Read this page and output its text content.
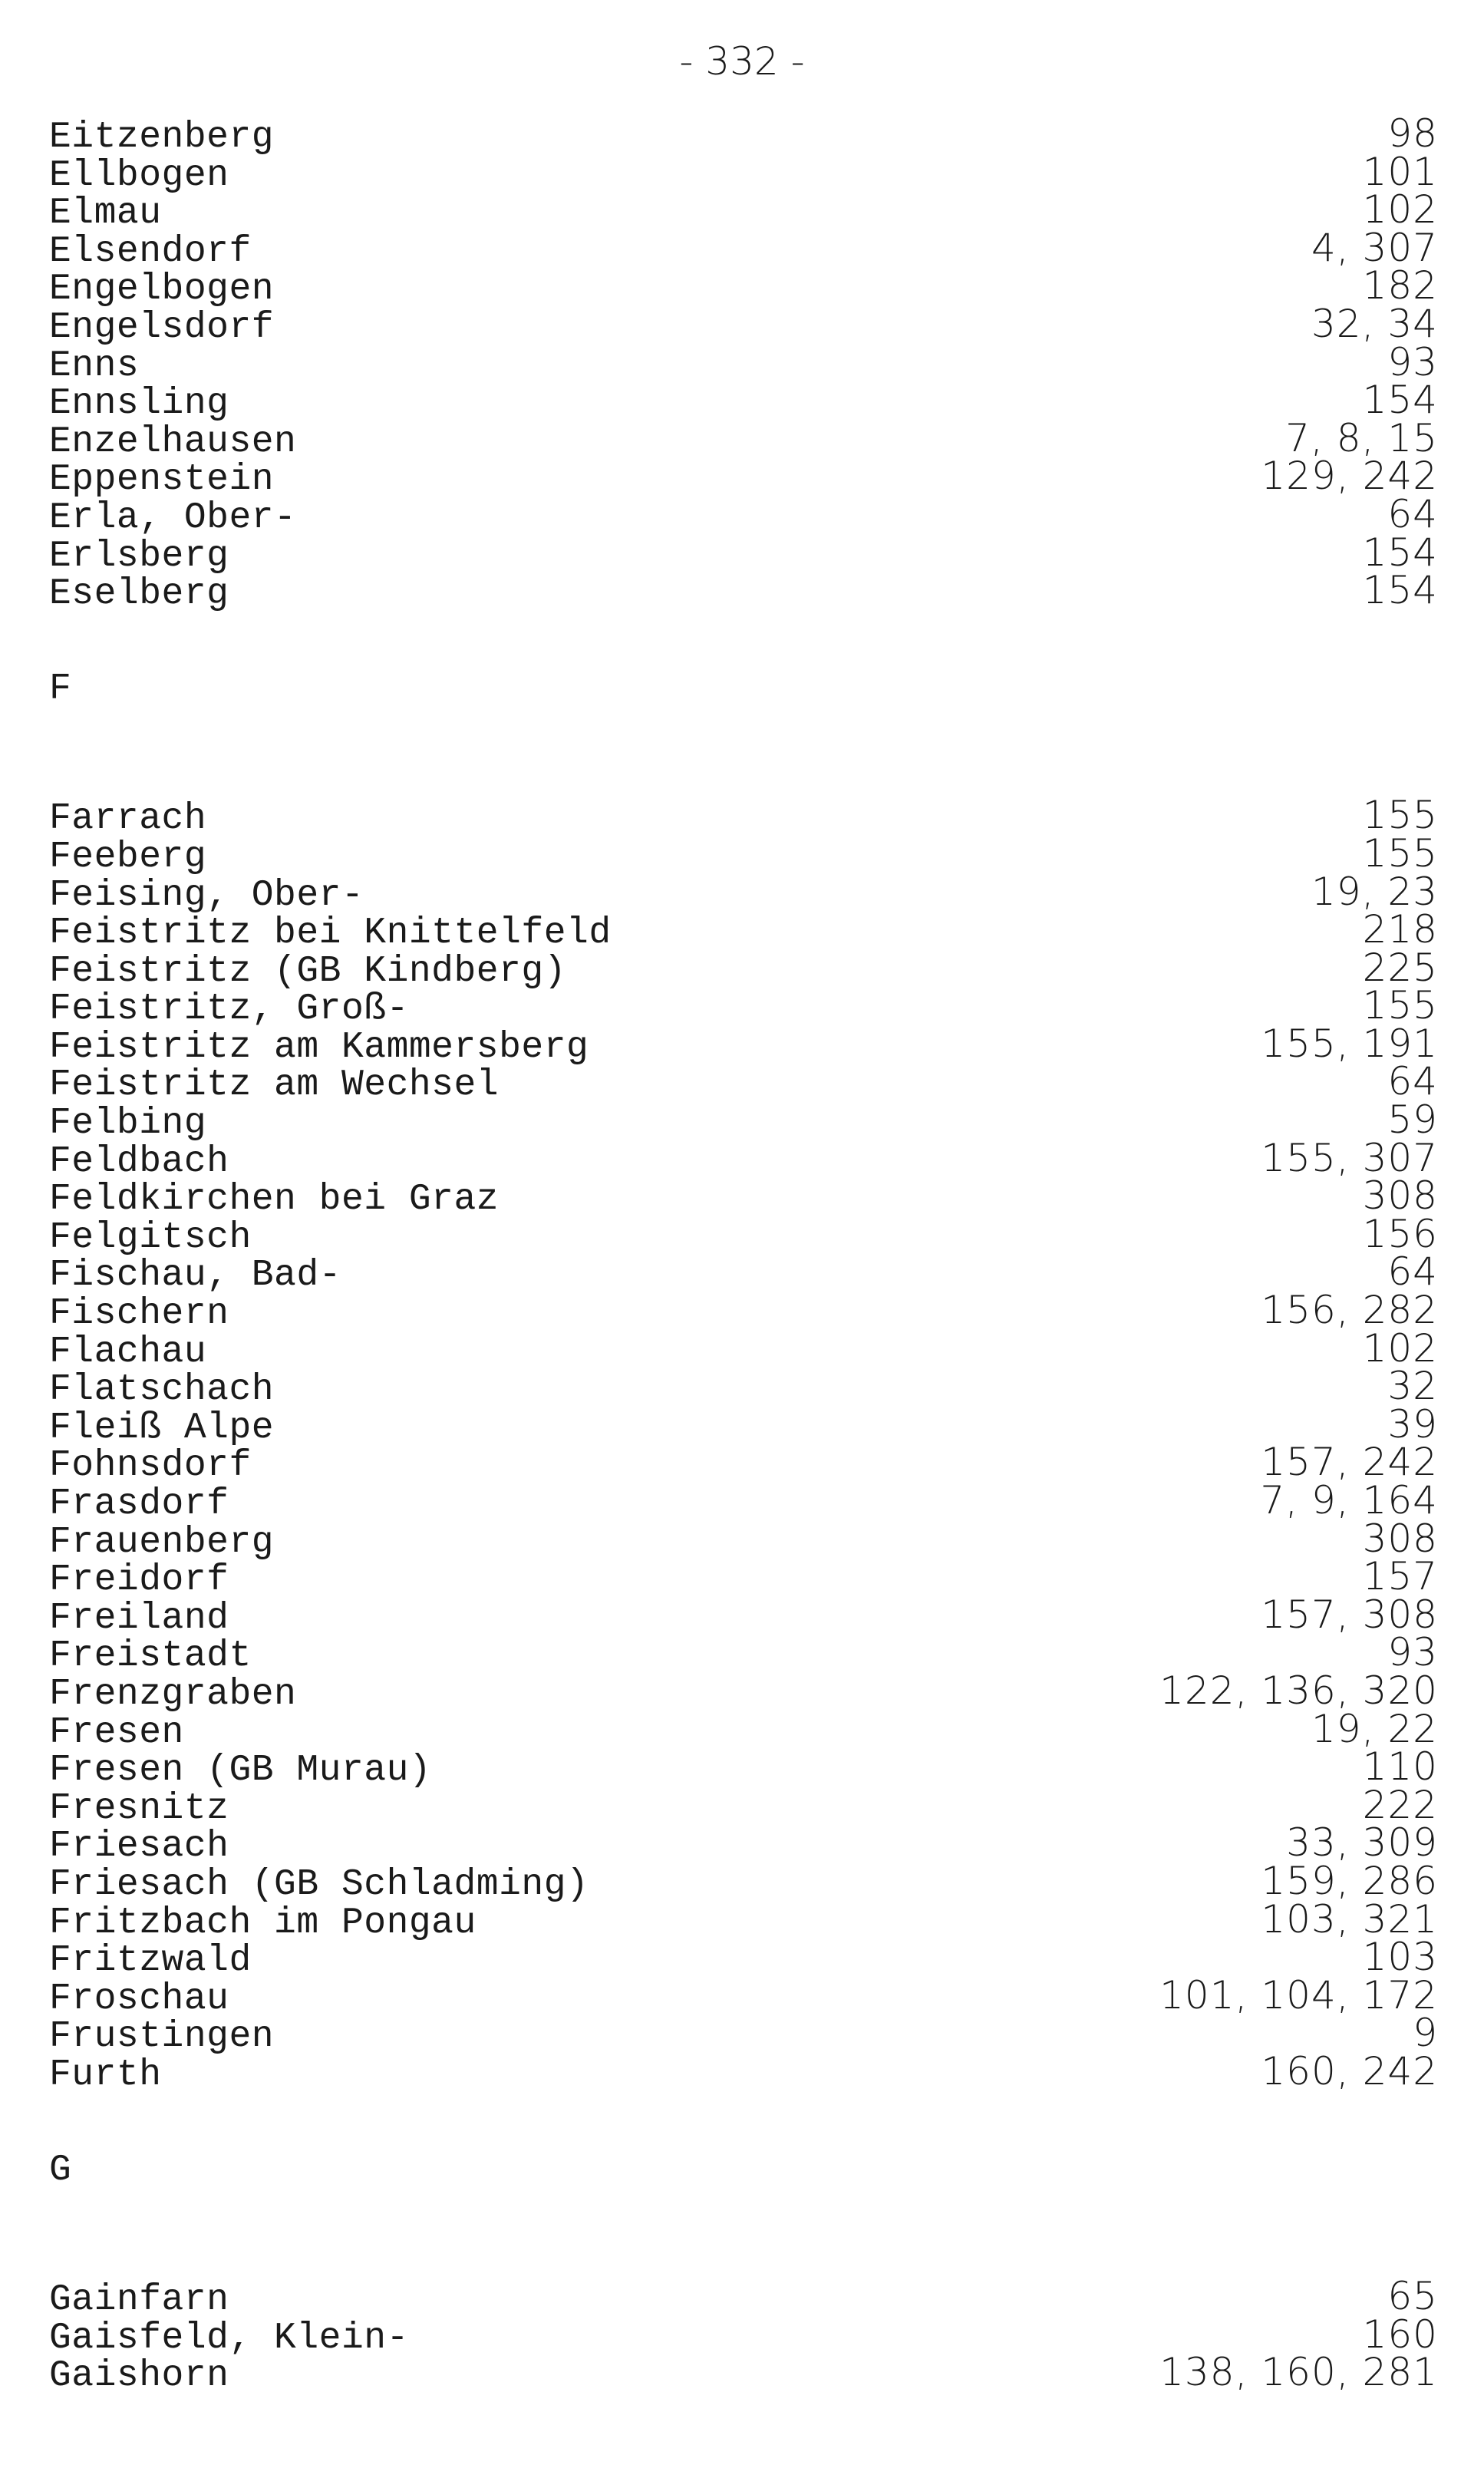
- 332 -
Eitzenberg	98
Ellbogen	101
Elmau	102
Elsendorf	4, 307
Engelbogen	182
Engelsdorf	32, 34
Enns	93
Ennsling	154
Enzelhausen	7, 8, 15
Eppenstein	129, 242
Erla, Ober-	64
Erlsberg	154
Eselberg	154
F
Farrach	155
Feeberg	155
Feising, Ober-	19, 23
Feistritz bei Knittelfeld	218
Feistritz (GB Kindberg)	225
Feistritz, Groß-	155
Feistritz am Kammersberg	155, 191
Feistritz am Wechsel	64
Felbing	59
Feldbach	155, 307
Feldkirchen bei Graz	308
Felgitsch	156
Fischau, Bad-	64
Fischern	156, 282
Flachau	102
Flatschach	32
Fleiß Alpe	39
Fohnsdorf	157, 242
Frasdorf	7, 9, 164
Frauenberg	308
Freidorf	157
Freiland	157, 308
Freistadt	93
Frenzgraben	122, 136, 320
Fresen	19, 22
Fresen (GB Murau)	110
Fresnitz	222
Friesach	33, 309
Friesach (GB Schladming)	159, 286
Fritzbach im Pongau	103, 321
Fritzwald	103
Froschau	101, 104, 172
Frustingen	9
Furth	160, 242
G
Gainfarn	65
Gaisfeld, Klein-	160
Gaishorn	138, 160, 281
